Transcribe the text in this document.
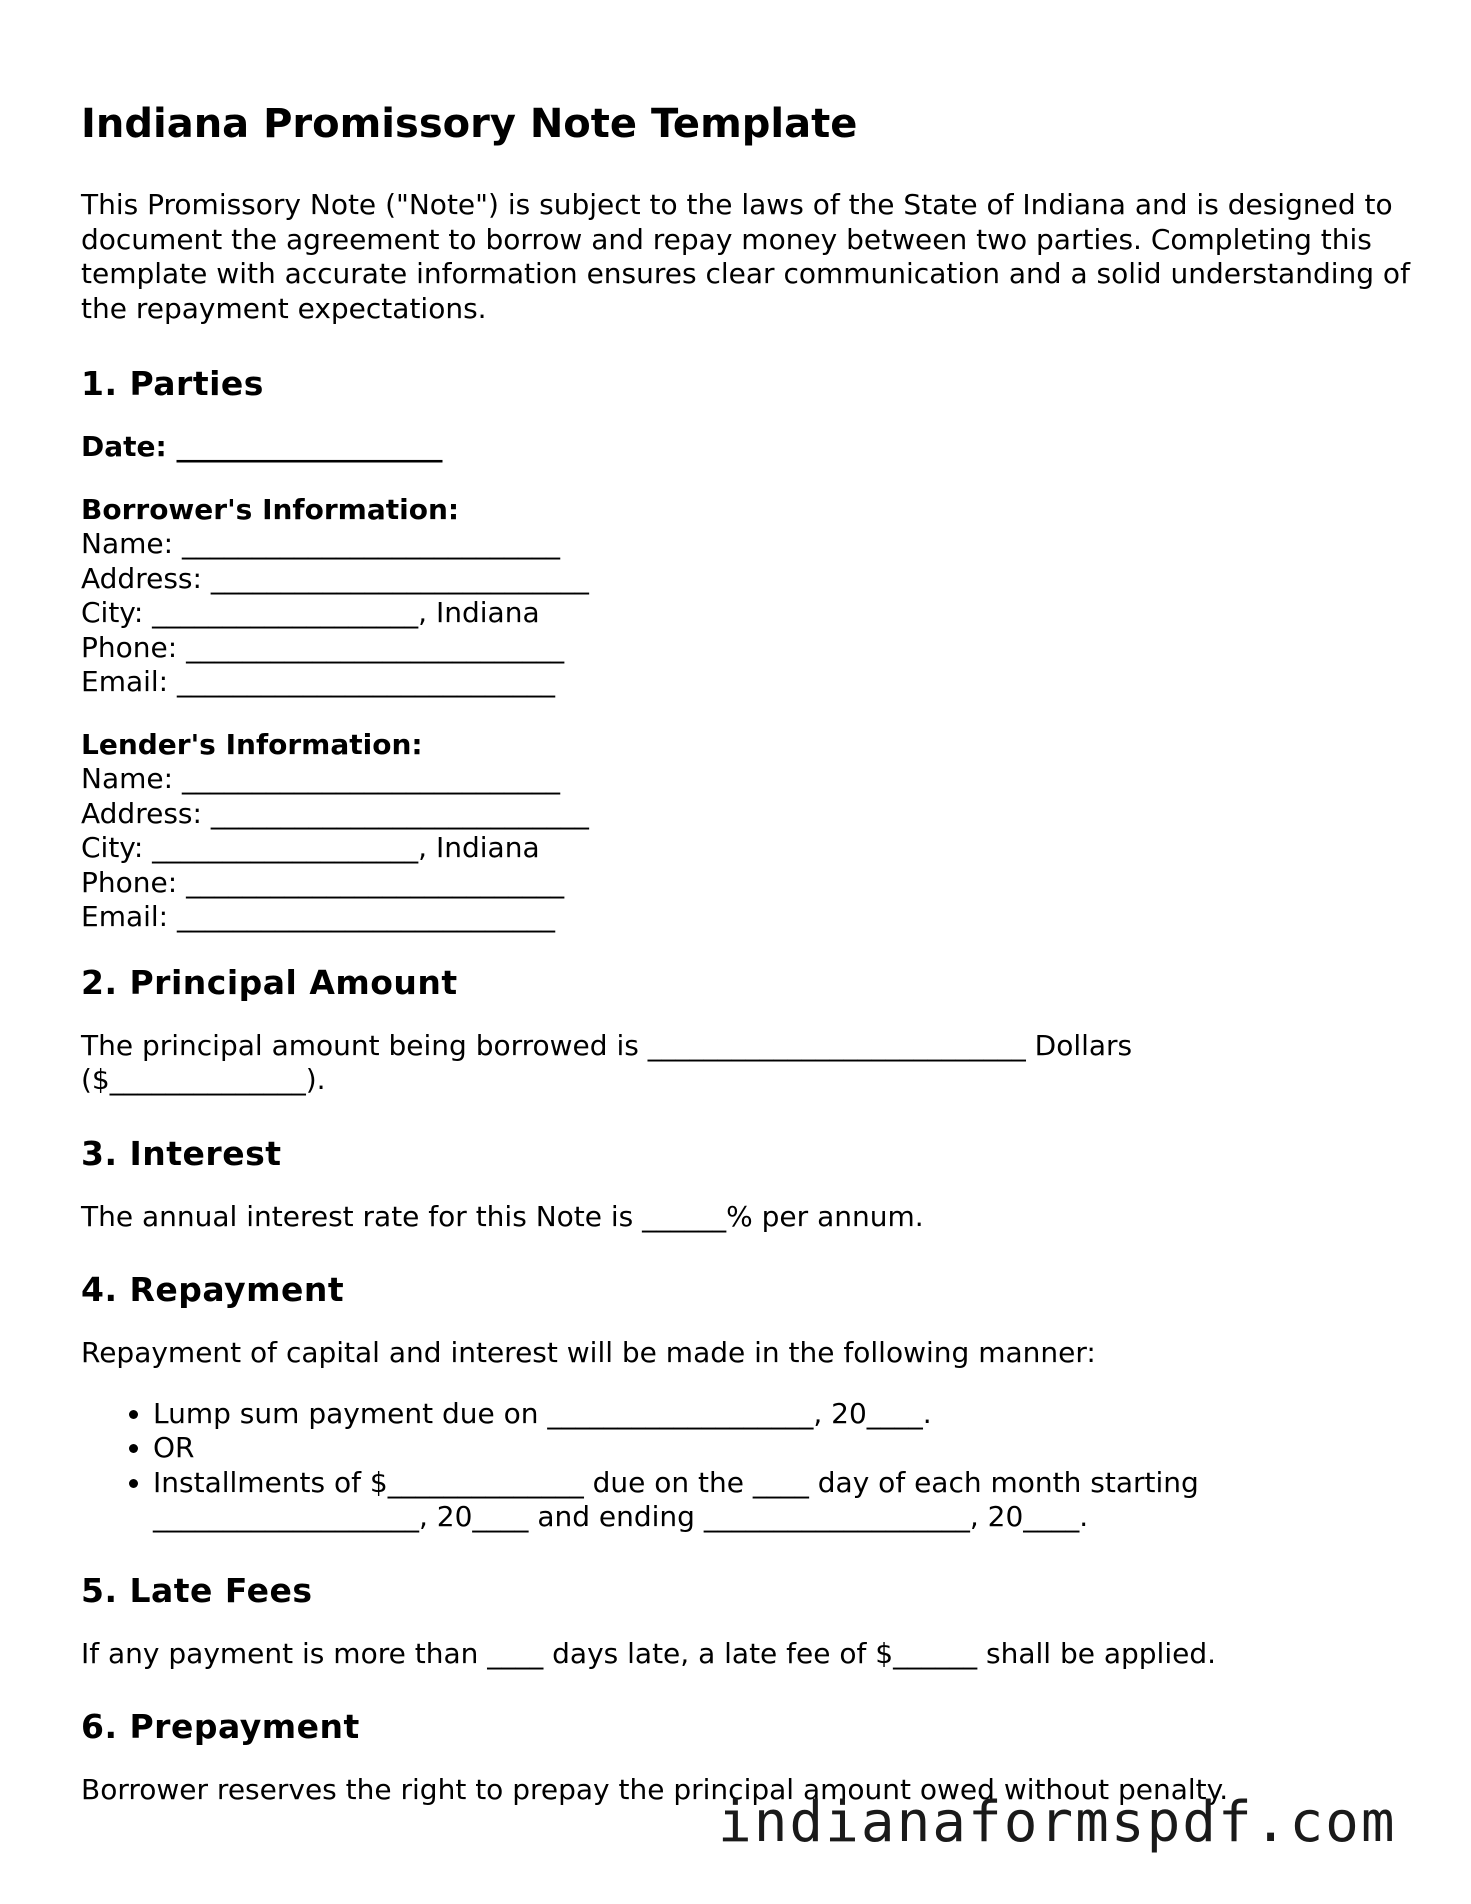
Indiana Promissory Note Template

This Promissory Note ("Note") is subject to the laws of the State of Indiana and is designed to document the agreement to borrow and repay money between two parties. Completing this template with accurate information ensures clear communication and a solid understanding of the repayment expectations.

1. Parties
Date: ___________________
Borrower's Information:
Name: ___________________________
Address: ___________________________
City: ___________________, Indiana
Phone: ___________________________
Email: ___________________________
Lender's Information:
Name: ___________________________
Address: ___________________________
City: ___________________, Indiana
Phone: ___________________________
Email: ___________________________
2. Principal Amount
The principal amount being borrowed is ___________________________ Dollars
($______________).
3. Interest

The annual interest rate for this Note is ______% per annum.

4. Repayment

Repayment of capital and interest will be made in the following manner:

• Lump sum payment due on ___________________, 20____.
• OR
• Installments of $______________ due on the ____ day of each month starting ___________________, 20____ and ending ___________________, 20____.
5. Late Fees

If any payment is more than ____ days late, a late fee of $______ shall be applied.

6. Prepayment

Borrower reserves the right to prepay the principal amount owed without penalty.

indianaformspdf.com
